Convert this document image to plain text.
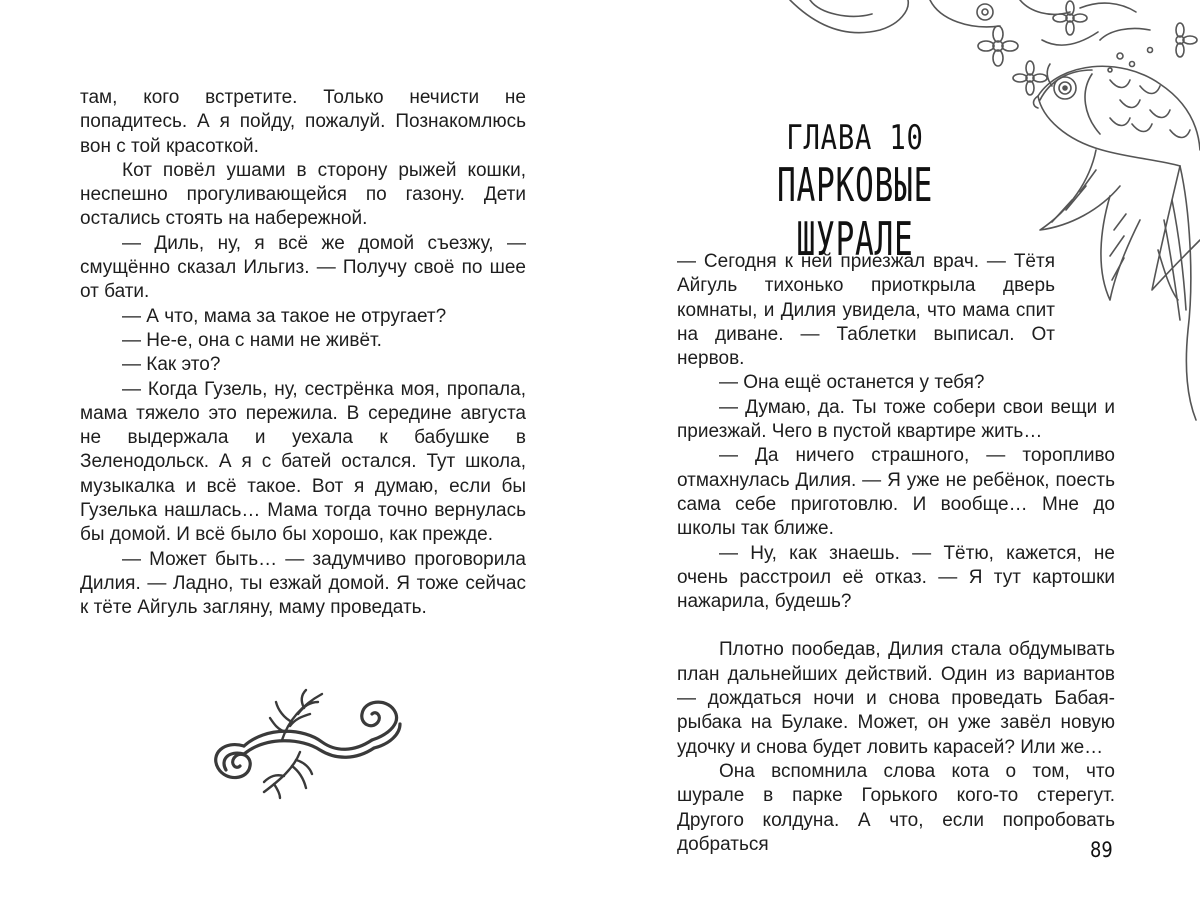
там, кого встретите. Только нечисти не попадитесь. А я пойду, пожалуй. Познакомлюсь вон с той красоткой.

Кот повёл ушами в сторону рыжей кошки, неспешно прогуливающейся по газону. Дети остались стоять на набережной.

— Диль, ну, я всё же домой съезжу, — смущённо сказал Ильгиз. — Получу своё по шее от бати.

— А что, мама за такое не отругает?

— Не-е, она с нами не живёт.

— Как это?

— Когда Гузель, ну, сестрёнка моя, пропала, мама тяжело это пережила. В середине августа не выдержала и уехала к бабушке в Зеленодольск. А я с батей остался. Тут школа, музыкалка и всё такое. Вот я думаю, если бы Гузелька нашлась… Мама тогда точно вернулась бы домой. И всё было бы хорошо, как прежде.

— Может быть… — задумчиво проговорила Дилия. — Ладно, ты езжай домой. Я тоже сейчас к тёте Айгуль загляну, маму проведать.

ГЛАВА 10
ПАРКОВЫЕ ШУРАЛЕ

— Сегодня к ней приезжал врач. — Тётя Айгуль тихонько приоткрыла дверь комнаты, и Дилия увидела, что мама спит на диване. — Таблетки выписал. От нервов.

— Она ещё останется у тебя?

— Думаю, да. Ты тоже собери свои вещи и приезжай. Чего в пустой квартире жить…

— Да ничего страшного, — торопливо отмахнулась Дилия. — Я уже не ребёнок, поесть сама себе приготовлю. И вообще… Мне до школы так ближе.

— Ну, как знаешь. — Тётю, кажется, не очень расстроил её отказ. — Я тут картошки нажарила, будешь?

Плотно пообедав, Дилия стала обдумывать план дальнейших действий. Один из вариантов — дождаться ночи и снова проведать Бабая-рыбака на Булаке. Может, он уже завёл новую удочку и снова будет ловить карасей? Или же…

Она вспомнила слова кота о том, что шурале в парке Горького кого-то стерегут. Другого колдуна. А что, если попробовать добраться	89
